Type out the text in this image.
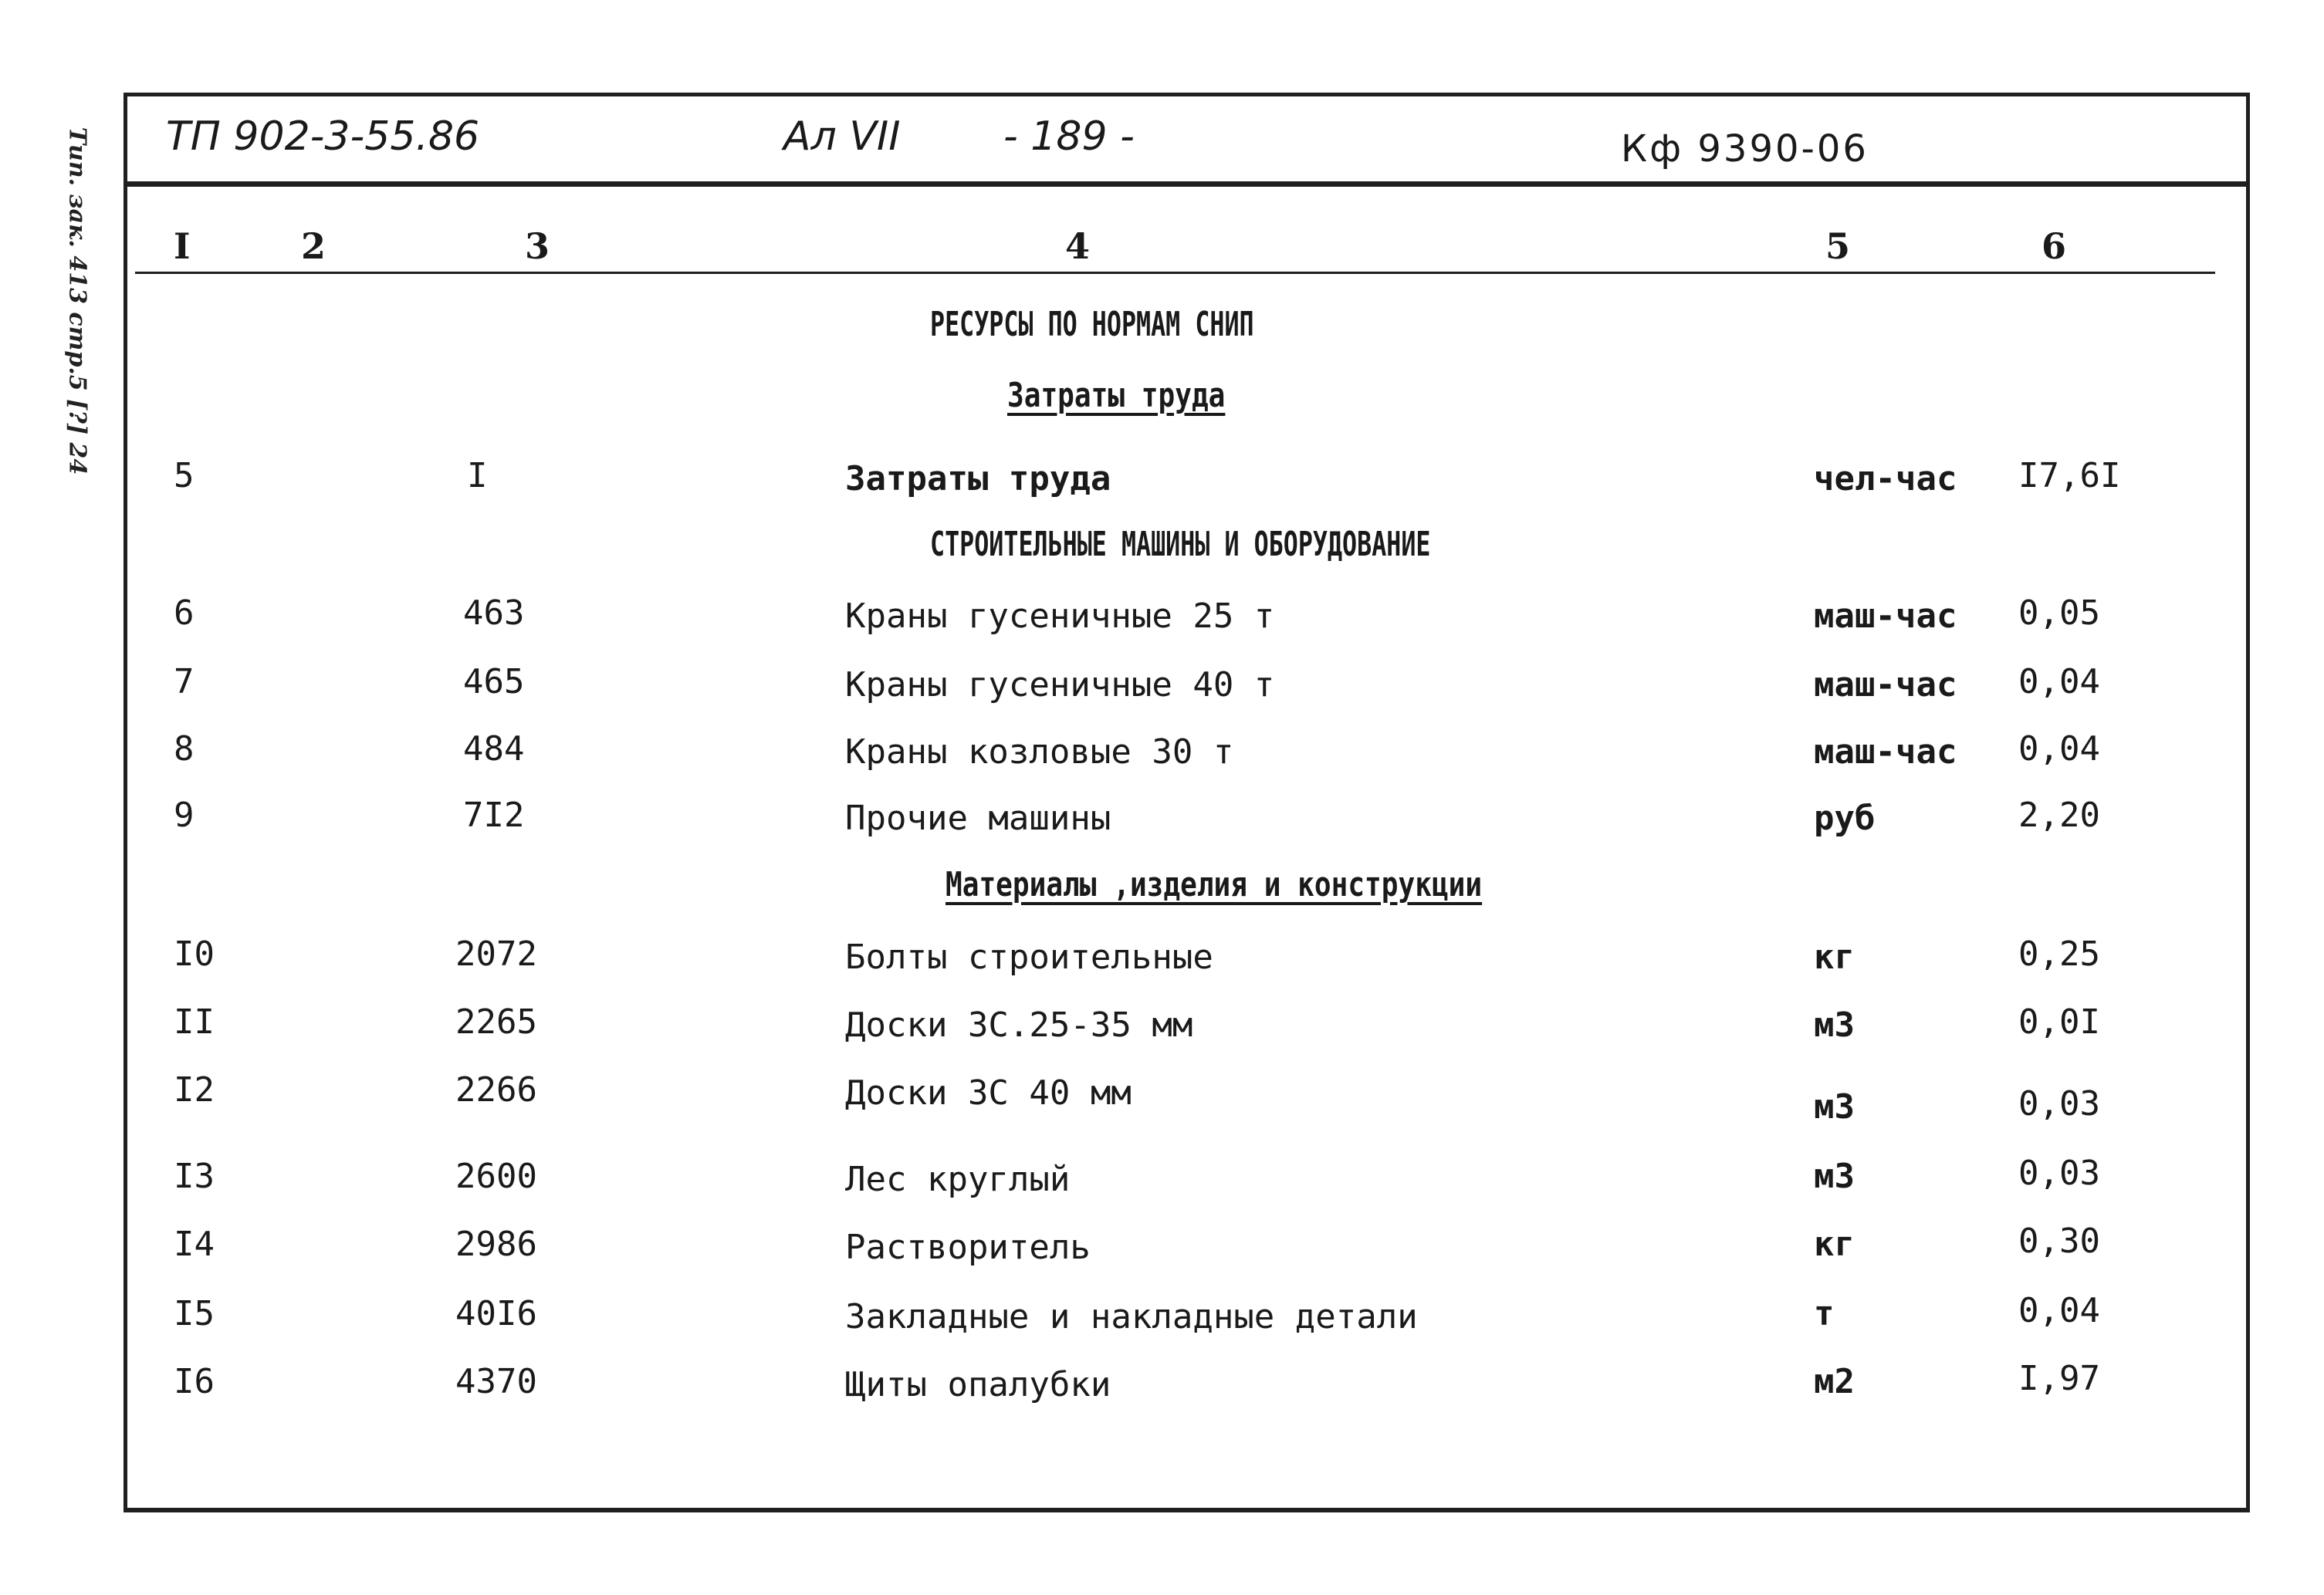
Тип. зак. 413 стр.5 [?] 24 ТП 902-3-55.86	Ал VII	- 189 -	Кф 9390-06
I	2	3	4	5	6
РЕСУРСЫ ПО НОРМАМ СНИП
Затраты труда
5	I	Затраты труда	чел-час I7,6I
СТРОИТЕЛЬНЫЕ МАШИНЫ И ОБОРУДОВАНИЕ
6	463	Краны гусеничные 25 т	маш-час 0,05
7	465	Краны гусеничные 40 т	маш-час 0,04
8	484	Краны козловые 30 т	маш-час 0,04
9	7I2	Прочие машины	руб	2,20
Материалы ,изделия и конструкции
I0	2072	Болты строительные	кг	0,25
II	2265	Доски 3С.25-35 мм	м3	0,0I
I2	2266	Доски 3С 40 мм	м3	0,03
I3	2600	Лес круглый	м3	0,03
I4	2986	Растворитель	кг	0,30
I5	40I6	Закладные и накладные детали	т	0,04
I6	4370	Щиты опалубки	м2	I,97
